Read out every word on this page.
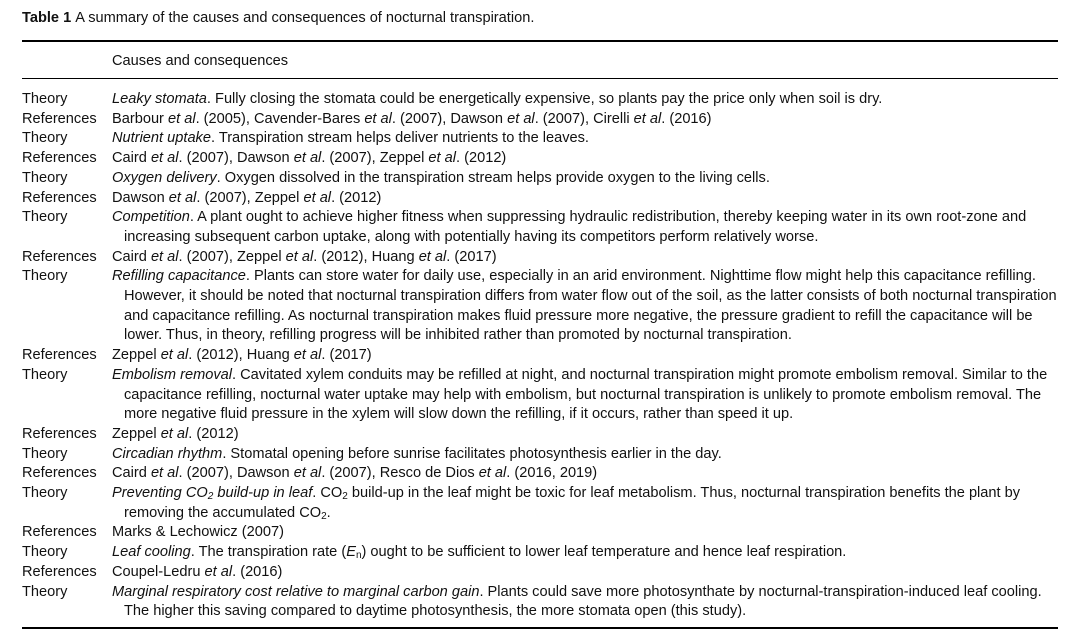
Table 1 A summary of the causes and consequences of nocturnal transpiration.
Causes and consequences
Theory	Leaky stomata. Fully closing the stomata could be energetically expensive, so plants pay the price only when soil is dry.
References	Barbour et al. (2005), Cavender-Bares et al. (2007), Dawson et al. (2007), Cirelli et al. (2016)
Theory	Nutrient uptake. Transpiration stream helps deliver nutrients to the leaves.
References	Caird et al. (2007), Dawson et al. (2007), Zeppel et al. (2012)
Theory	Oxygen delivery. Oxygen dissolved in the transpiration stream helps provide oxygen to the living cells.
References	Dawson et al. (2007), Zeppel et al. (2012)
Theory	Competition. A plant ought to achieve higher fitness when suppressing hydraulic redistribution, thereby keeping water in its own root-zone and increasing subsequent carbon uptake, along with potentially having its competitors perform relatively worse.
References	Caird et al. (2007), Zeppel et al. (2012), Huang et al. (2017)
Theory	Refilling capacitance. Plants can store water for daily use, especially in an arid environment. Nighttime flow might help this capacitance refilling. However, it should be noted that nocturnal transpiration differs from water flow out of the soil, as the latter consists of both nocturnal transpiration and capacitance refilling. As nocturnal transpiration makes fluid pressure more negative, the pressure gradient to refill the capacitance will be lower. Thus, in theory, refilling progress will be inhibited rather than promoted by nocturnal transpiration.
References	Zeppel et al. (2012), Huang et al. (2017)
Theory	Embolism removal. Cavitated xylem conduits may be refilled at night, and nocturnal transpiration might promote embolism removal. Similar to the capacitance refilling, nocturnal water uptake may help with embolism, but nocturnal transpiration is unlikely to promote embolism removal. The more negative fluid pressure in the xylem will slow down the refilling, if it occurs, rather than speed it up.
References	Zeppel et al. (2012)
Theory	Circadian rhythm. Stomatal opening before sunrise facilitates photosynthesis earlier in the day.
References	Caird et al. (2007), Dawson et al. (2007), Resco de Dios et al. (2016, 2019)
Theory	Preventing $CO_2$ build-up in leaf. $CO_2$ build-up in the leaf might be toxic for leaf metabolism. Thus, nocturnal transpiration benefits the plant by removing the accumulated $CO_2$.
References	Marks & Lechowicz (2007)
Theory	Leaf cooling. The transpiration rate $(E_n)$ ought to be sufficient to lower leaf temperature and hence leaf respiration.
References	Coupel-Ledru et al. (2016)
Theory	Marginal respiratory cost relative to marginal carbon gain. Plants could save more photosynthate by nocturnal-transpiration-induced leaf cooling. The higher this saving compared to daytime photosynthesis, the more stomata open (this study).
